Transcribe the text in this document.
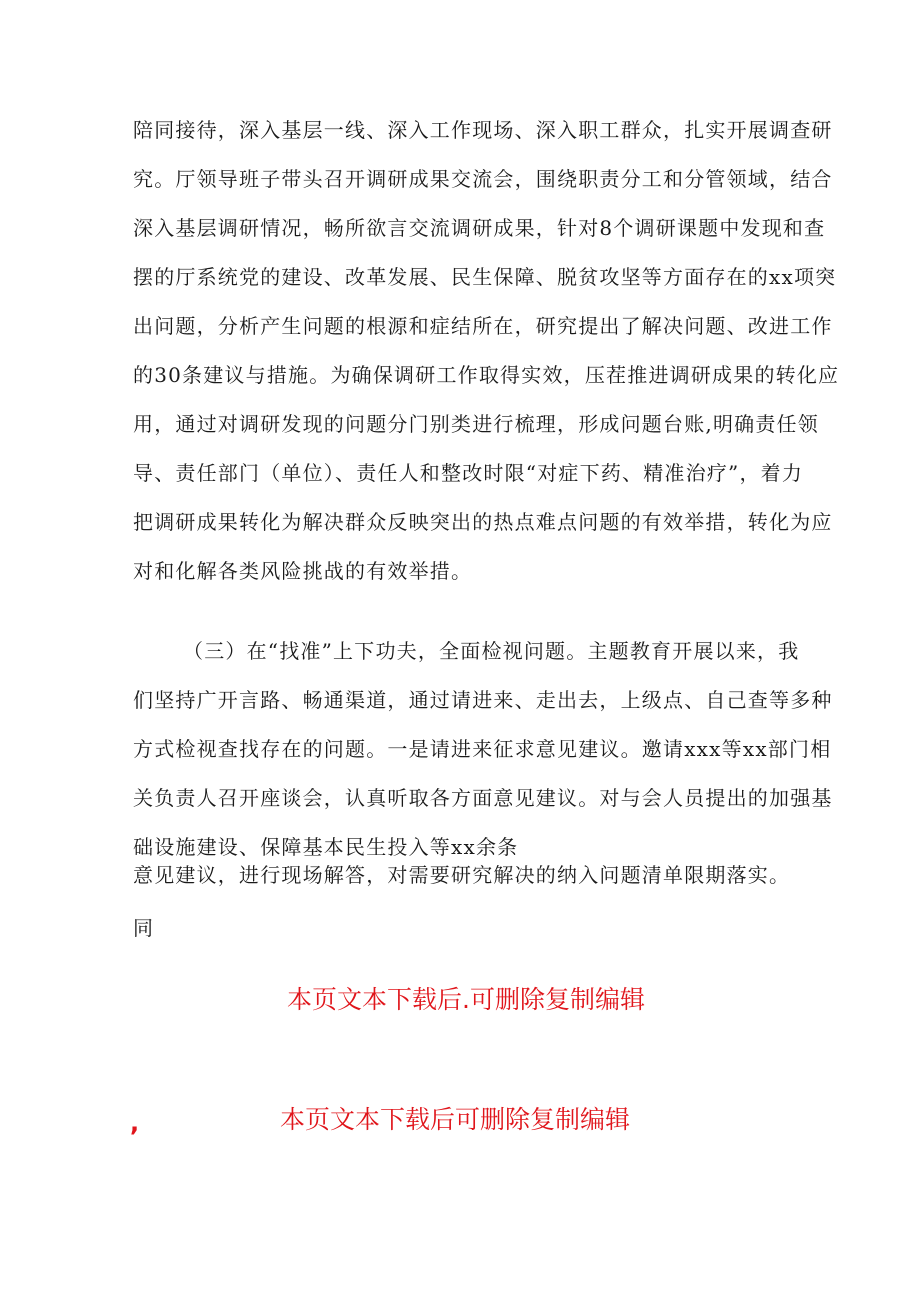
陪同接待，深入基层一线、深入工作现场、深入职工群众，扎实开展调查研
究。厅领导班子带头召开调研成果交流会，围绕职责分工和分管领域，结合
深入基层调研情况，畅所欲言交流调研成果，针对8个调研课题中发现和查
摆的厅系统党的建设、改革发展、民生保障、脱贫攻坚等方面存在的xx项突
出问题，分析产生问题的根源和症结所在，研究提出了解决问题、改进工作
的30条建议与措施。为确保调研工作取得实效，压茬推进调研成果的转化应
用，通过对调研发现的问题分门别类进行梳理，形成问题台账,明确责任领
导、责任部门（单位）、责任人和整改时限“对症下药、精准治疗”，着力
把调研成果转化为解决群众反映突出的热点难点问题的有效举措，转化为应
对和化解各类风险挑战的有效举措。
（三）在“找准”上下功夫，全面检视问题。主题教育开展以来，我
们坚持广开言路、畅通渠道，通过请进来、走出去，上级点、自己查等多种
方式检视查找存在的问题。一是请进来征求意见建议。邀请xxx等xx部门相
关负责人召开座谈会，认真听取各方面意见建议。对与会人员提出的加强基
础设施建设、保障基本民生投入等xx余条
意见建议，进行现场解答，对需要研究解决的纳入问题清单限期落实。
同
本页文本下载后.可删除复制编辑
,	本页文本下载后可删除复制编辑
